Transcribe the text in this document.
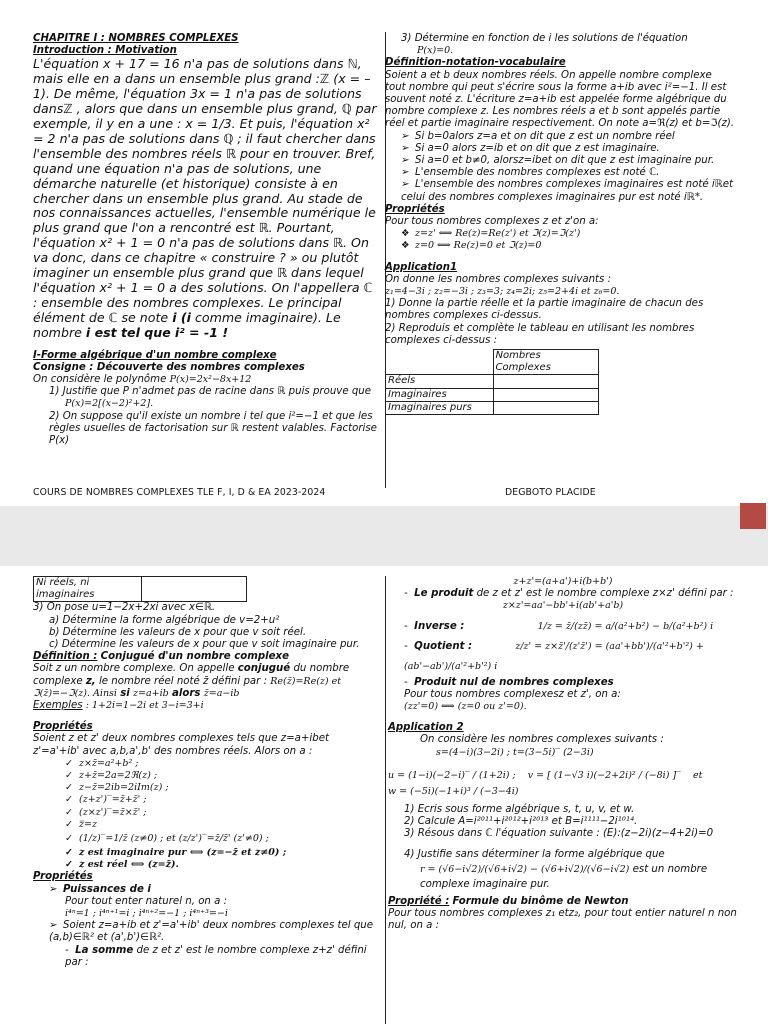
CHAPITRE I : NOMBRES COMPLEXES

Introduction : Motivation

L'équation x + 17 = 16 n'a pas de solutions dans ℕ, mais elle en a dans un ensemble plus grand :ℤ (x = –1). De même, l'équation 3x = 1 n'a pas de solutions dansℤ , alors que dans un ensemble plus grand, ℚ par exemple, il y en a une : x = 1/3. Et puis, l'équation x² = 2 n'a pas de solutions dans ℚ ; il faut chercher dans l'ensemble des nombres réels ℝ pour en trouver. Bref, quand une équation n'a pas de solutions, une démarche naturelle (et historique) consiste à en chercher dans un ensemble plus grand. Au stade de nos connaissances actuelles, l'ensemble numérique le plus grand que l'on a rencontré est ℝ. Pourtant, l'équation x² + 1 = 0 n'a pas de solutions dans ℝ. On va donc, dans ce chapitre « construire ? » ou plutôt imaginer un ensemble plus grand que ℝ dans lequel l'équation x² + 1 = 0 a des solutions. On l'appellera ℂ : ensemble des nombres complexes. Le principal élément de ℂ se note i (i comme imaginaire). Le nombre i est tel que i² = -1 !

I-Forme algébrique d'un nombre complexe

Consigne : Découverte des nombres complexes

On considère le polynôme P(x)=2x²−8x+12

1) Justifie que P n'admet pas de racine dans ℝ puis prouve que

P(x)=2[(x−2)²+2].

2) On suppose qu'il existe un nombre i tel que i²=−1 et que les règles usuelles de factorisation sur ℝ restent valables. Factorise P(x)

3) Détermine en fonction de i les solutions de l'équation

P(x)=0.

Définition-notation-vocabulaire

Soient a et b deux nombres réels. On appelle nombre complexe tout nombre qui peut s'écrire sous la forme a+ib avec i²=−1. Il est souvent noté z. L'écriture z=a+ib est appelée forme algébrique du nombre complexe z. Les nombres réels a et b sont appelés partie réel et partie imaginaire respectivement. On note a=ℜ(z) et b=ℑ(z).

➢ Si b=0alors z=a et on dit que z est un nombre réel

➢ Si a=0 alors z=ib et on dit que z est imaginaire.

➢ Si a=0 et b≠0, alorsz=ibet on dit que z est imaginaire pur.

➢ L'ensemble des nombres complexes est noté ℂ.

➢ L'ensemble des nombres complexes imaginaires est noté iℝet celui des nombres complexes imaginaires pur est noté iℝ*.

Propriétés

Pour tous nombres complexes z et z'on a:

❖ z=z' ⟺ Re(z)=Re(z') et ℑ(z)=ℑ(z')

❖ z=0 ⟺ Re(z)=0 et ℑ(z)=0

Application1

On donne les nombres complexes suivants :

z₁=4−3i ; z₂=−3i ; z₃=3; z₄=2i; z₅=2+4i et z₆=0.

1) Donne la partie réelle et la partie imaginaire de chacun des nombres complexes ci-dessus.

2) Reproduis et complète le tableau en utilisant les nombres complexes ci-dessus :

	Nombres Complexes
Réels	
Imaginaires	
Imaginaires purs	
COURS DE NOMBRES COMPLEXES TLE F, I, D & EA 2023-2024	DEGBOTO PLACIDE
Ni réels, ni imaginaires	

3) On pose u=1−2x+2xi avec x∈ℝ.

a) Détermine la forme algébrique de v=2+u²

b) Détermine les valeurs de x pour que v soit réel.

c) Détermine les valeurs de x pour que v soit imaginaire pur.

Définition : Conjugué d'un nombre complexe

Soit z un nombre complexe. On appelle conjugué du nombre complexe z, le nombre réel noté z̄ défini par : Re(z̄)=Re(z) et ℑ(z̄)=−ℑ(z). Ainsi si z=a+ib alors z̄=a−ib

Exemples : 1+2i=1−2i et 3−i=3+i

Propriétés

Soient z et z' deux nombres complexes tels que z=a+ibet z'=a'+ib' avec a,b,a',b' des nombres réels. Alors on a :

✓ z×z̄=a²+b² ;

✓ z+z̄=2a=2ℜ(z) ;

✓ z−z̄=2ib=2iIm(z) ;

✓ (z+z')‾=z̄+z̄' ;

✓ (z×z')‾=z̄×z̄' ;

✓ z̿=z

✓ (1/z)‾=1/z̄ (z≠0) ; et (z/z')‾=z̄/z̄' (z'≠0) ;

✓ z est imaginaire pur ⟺ (z=−z̄ et z≠0) ;

✓ z est réel ⟺ (z=z̄).

Propriétés

➢ Puissances de i

Pour tout enter naturel n, on a :

i⁴ⁿ=1 ; i⁴ⁿ⁺¹=i ; i⁴ⁿ⁺²=−1 ; i⁴ⁿ⁺³=−i

➢ Soient z=a+ib et z'=a'+ib' deux nombres complexes tel que (a,b)∈ℝ² et (a',b')∈ℝ².

-  La somme de z et z' est le nombre complexe z+z' défini par :

z+z'=(a+a')+i(b+b')

-  Le produit de z et z' est le nombre complexe z×z' défini par :

z×z'=aa'−bb'+i(ab'+a'b)

-  Inverse :	1/z = z̄/(zz̄) = a/(a²+b²) − b/(a²+b²) i

-  Quotient :	z/z' = z×z̄'/(z'z̄') = (aa'+bb')/(a'²+b'²) + (ab'−ab')/(a'²+b'²) i

-  Produit nul de nombres complexes

Pour tous nombres complexesz et z', on a:

(zz'=0) ⟺ (z=0 ou z'=0).

Application 2

On considère les nombres complexes suivants :

s=(4−i)(3−2i) ; t=(3−5i)‾ (2−3i)

u = (1−i)(−2−i)‾ / (1+2i) ; v = [ (1−√3 i)(−2+2i)² / (−8i) ]‾ et

w = (−5i)(−1+i)³ / (−3−4i)

1) Ecris sous forme algébrique s, t, u, v, et w.

2) Calcule A=i²⁰¹¹+i²⁰¹²+i²⁰¹³ et B=i¹¹¹¹−2i¹⁰¹⁴.

3) Résous dans ℂ l'équation suivante : (E):(z−2i)(z−4+2i)=0

4) Justifie sans déterminer la forme algébrique que

r = (√6−i√2)/(√6+i√2) − (√6+i√2)/(√6−i√2) est un nombre complexe imaginaire pur.

Propriété : Formule du binôme de Newton

Pour tous nombres complexes z₁ etz₂, pour tout entier naturel n non nul, on a :
